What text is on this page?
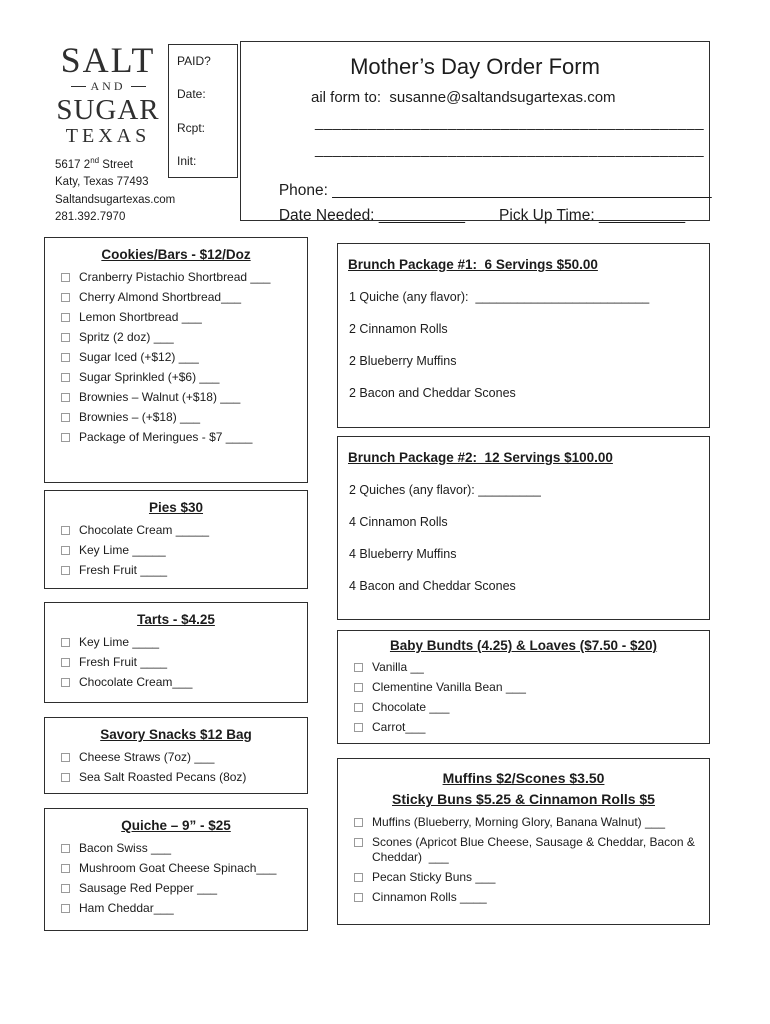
SALT
AND
SUGAR
TEXAS
5617 2nd Street
Katy, Texas 77493
Saltandsugartexas.com
281.392.7970
PAID?
Date:
Rcpt:
Init:
Mother’s Day Order Form
ail form to:  susanne@saltandsugartexas.com
____________________________________________
____________________________________________

Phone: ____________________________________________

Date Needed: __________ Pick Up Time: __________

Cookies/Bars - $12/Doz
Cranberry Pistachio Shortbread ___
Cherry Almond Shortbread___
Lemon Shortbread ___
Spritz (2 doz) ___
Sugar Iced (+$12) ___
Sugar Sprinkled (+$6) ___
Brownies – Walnut (+$18) ___
Brownies – (+$18) ___
Package of Meringues - $7 ____
Pies $30
Chocolate Cream _____
Key Lime _____
Fresh Fruit ____
Tarts - $4.25
Key Lime ____
Fresh Fruit ____
Chocolate Cream___
Savory Snacks $12 Bag
Cheese Straws (7oz) ___
Sea Salt Roasted Pecans (8oz)
Quiche – 9” - $25
Bacon Swiss ___
Mushroom Goat Cheese Spinach___
Sausage Red Pepper ___
Ham Cheddar___
Brunch Package #1:  6 Servings $50.00
1 Quiche (any flavor):  _________________________
2 Cinnamon Rolls
2 Blueberry Muffins
2 Bacon and Cheddar Scones
Brunch Package #2:  12 Servings $100.00
2 Quiches (any flavor): _________
4 Cinnamon Rolls
4 Blueberry Muffins
4 Bacon and Cheddar Scones
Baby Bundts (4.25) & Loaves ($7.50 - $20)
Vanilla __
Clementine Vanilla Bean ___
Chocolate ___
Carrot___
Muffins $2/Scones $3.50
Sticky Buns $5.25 & Cinnamon Rolls $5
Muffins (Blueberry, Morning Glory, Banana Walnut) ___
Scones (Apricot Blue Cheese, Sausage & Cheddar, Bacon & Cheddar)  ___
Pecan Sticky Buns ___
Cinnamon Rolls ____
